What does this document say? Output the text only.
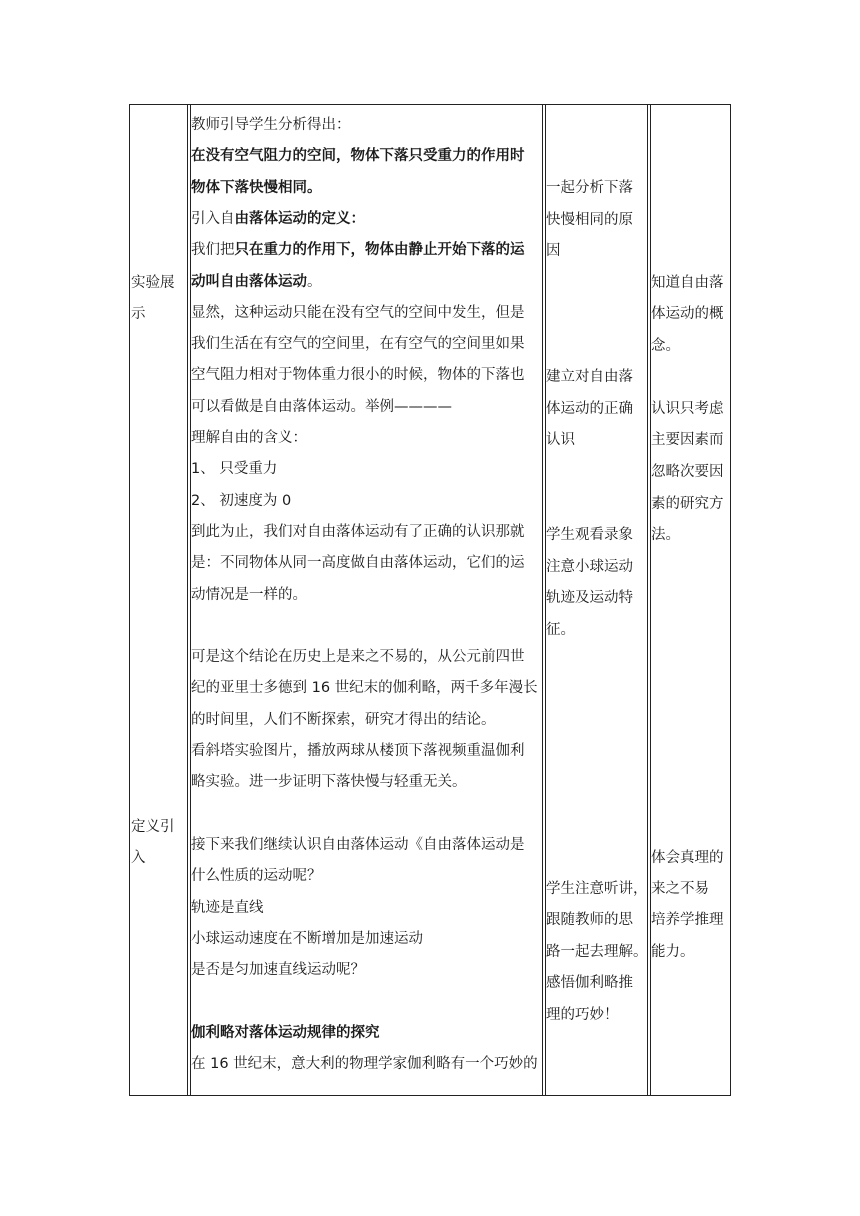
实验展
示
定义引
入
教师引导学生分析得出：
在没有空气阻力的空间，物体下落只受重力的作用时
物体下落快慢相同。
引入自由落体运动的定义：
我们把只在重力的作用下，物体由静止开始下落的运
动叫自由落体运动。
显然，这种运动只能在没有空气的空间中发生，但是
我们生活在有空气的空间里，在有空气的空间里如果
空气阻力相对于物体重力很小的时候，物体的下落也
可以看做是自由落体运动。举例————
理解自由的含义：
1、 只受重力
2、 初速度为 0
到此为止，我们对自由落体运动有了正确的认识那就
是：不同物体从同一高度做自由落体运动，它们的运
动情况是一样的。
可是这个结论在历史上是来之不易的，从公元前四世
纪的亚里士多德到 16 世纪末的伽利略，两千多年漫长
的时间里，人们不断探索，研究才得出的结论。
看斜塔实验图片，播放两球从楼顶下落视频重温伽利
略实验。进一步证明下落快慢与轻重无关。
接下来我们继续认识自由落体运动《自由落体运动是
什么性质的运动呢？
轨迹是直线
小球运动速度在不断增加是加速运动
是否是匀加速直线运动呢？
伽利略对落体运动规律的探究
在 16 世纪末，意大利的物理学家伽利略有一个巧妙的
一起分析下落
快慢相同的原
因
建立对自由落
体运动的正确
认识
学生观看录象
注意小球运动
轨迹及运动特
征。
学生注意听讲，
跟随教师的思
路一起去理解。
感悟伽利略推
理的巧妙！
知道自由落
体运动的概
念。
认识只考虑
主要因素而
忽略次要因
素的研究方
法。
体会真理的
来之不易
培养学推理
能力。
